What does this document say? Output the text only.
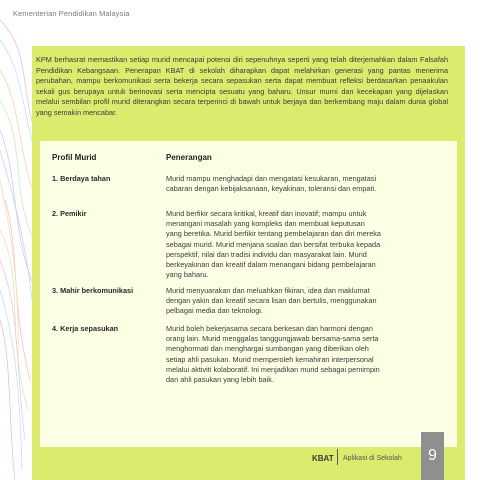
Kementerian Pendidikan Malaysia

KPM berhasrat memastikan setiap murid mencapai potensi diri sepenuhnya seperti yang telah diterjemahkan dalam Falsafah Pendidikan Kebangsaan. Penerapan KBAT di sekolah diharapkan dapat melahirkan generasi yang pantas menerima perubahan, mampu berkomunikasi serta bekerja secara sepasukan serta dapat membuat refleksi berdasarkan penaakulan sekali gus berupaya untuk berinovasi serta mencipta sesuatu yang baharu. Unsur murni dan kecekapan yang dijelaskan melalui sembilan profil murid diterangkan secara terperinci di bawah untuk berjaya dan berkembang maju dalam dunia global yang semakin mencabar.

Profil Murid	Penerangan
1. Berdaya tahan	Murid mampu menghadapi dan mengatasi kesukaran, mengatasi
cabaran dengan kebijaksanaan, keyakinan, toleransi dan empati.

2. Pemikir	Murid berfikir secara kritikal, kreatif dan inovatif; mampu untuk
menangani masalah yang kompleks dan membuat keputusan
yang beretika. Murid berfikir tentang pembelajaran dan diri mereka
sebagai murid. Murid menjana soalan dan bersifat terbuka kepada
perspektif, nilai dan tradisi individu dan masyarakat lain. Murid
berkeyakinan dan kreatif dalam menangani bidang pembelajaran
yang baharu.

3. Mahir berkomunikasi	Murid menyuarakan dan meluahkan fikiran, idea dan maklumat
dengan yakin dan kreatif secara lisan dan bertulis, menggunakan
pelbagai media dan teknologi.

4. Kerja sepasukan	Murid boleh bekerjasama secara berkesan dan harmoni dengan
orang lain. Murid menggalas tanggungjawab bersama-sama serta
menghormati dan menghargai sumbangan yang diberikan oleh
setiap ahli pasukan. Murid memperoleh kemahiran interpersonal
melalui aktiviti kolaboratif. Ini menjadikan murid sebagai pemimpin
dan ahli pasukan yang lebih baik.

KBAT Aplikasi di Sekolah	9
